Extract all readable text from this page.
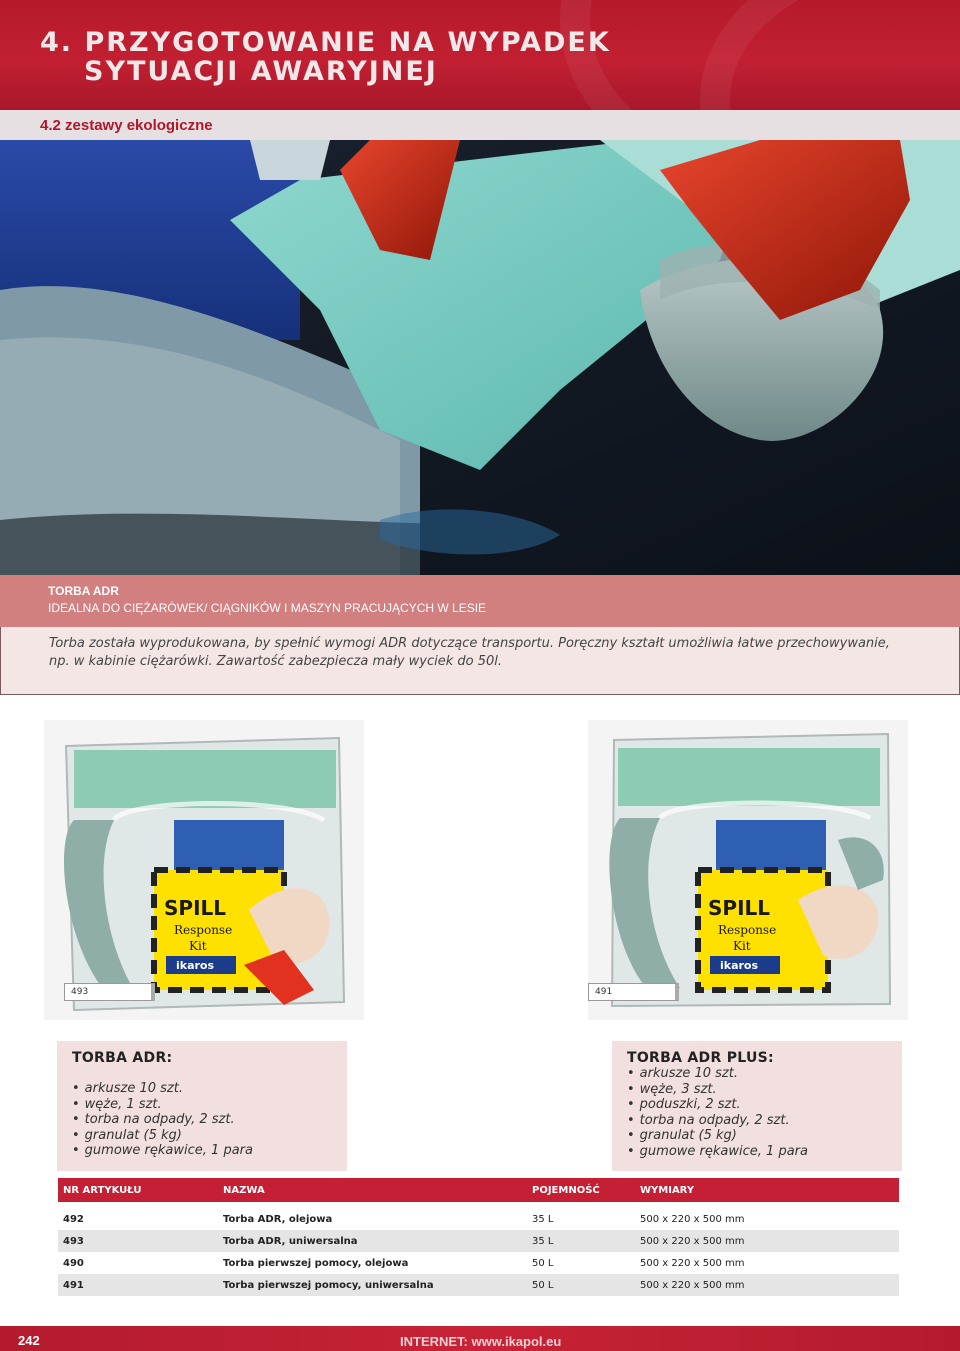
4. PRZYGOTOWANIE NA WYPADEK
SYTUACJI AWARYJNEJ
4.2 zestawy ekologiczne
TORBA ADR
IDEALNA DO CIĘŻARÓWEK/ CIĄGNIKÓW I MASZYN PRACUJĄCYCH W LESIE

Torba została wyprodukowana, by spełnić wymogi ADR dotyczące transportu. Poręczny kształt umożliwia łatwe przechowywanie, np. w kabinie ciężarówki. Zawartość zabezpiecza mały wyciek do 50l.

SPILL
Response
Kit
ikaros
SPILL
Response
Kit
ikaros
493	491
TORBA ADR:
• arkusze 10 szt.
• węże, 1 szt.
• torba na odpady, 2 szt.
• granulat (5 kg)
• gumowe rękawice, 1 para
TORBA ADR PLUS:
• arkusze 10 szt.
• węże, 3 szt.
• poduszki, 2 szt.
• torba na odpady, 2 szt.
• granulat (5 kg)
• gumowe rękawice, 1 para
NR ARTYKUŁU	NAZWA	POJEMNOŚĆ	WYMIARY

492	Torba ADR, olejowa	35 L	500 x 220 x 500 mm
493	Torba ADR, uniwersalna	35 L	500 x 220 x 500 mm
490	Torba pierwszej pomocy, olejowa	50 L	500 x 220 x 500 mm
491	Torba pierwszej pomocy, uniwersalna	50 L	500 x 220 x 500 mm
242	INTERNET: www.ikapol.eu
